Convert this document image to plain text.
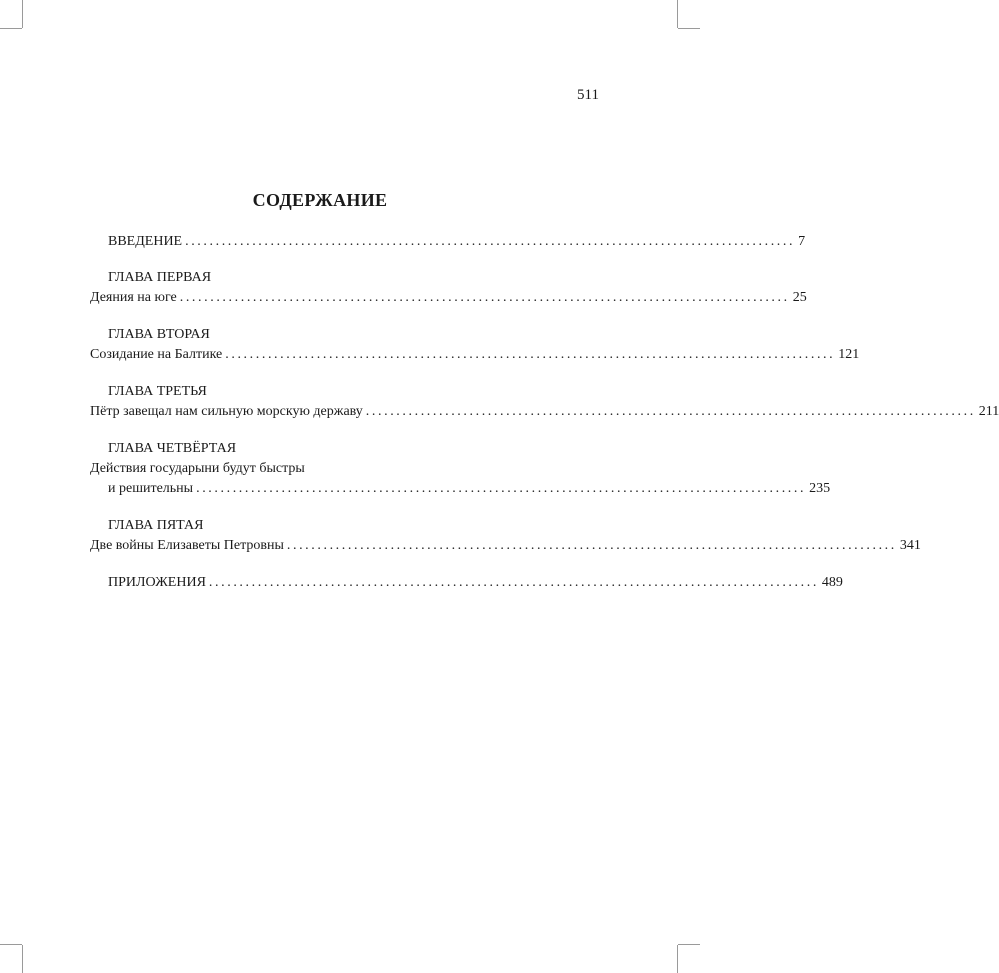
511
СОДЕРЖАНИЕ
ВВЕДЕНИЕ .................................................................................................... 7
ГЛАВА ПЕРВАЯ
Деяния на юге .................................................................................................... 25
ГЛАВА ВТОРАЯ
Созидание на Балтике .................................................................................................... 121
ГЛАВА ТРЕТЬЯ
Пётр завещал нам сильную морскую державу .................................................................................................... 211
ГЛАВА ЧЕТВЁРТАЯ
Действия государыни будут быстры
и решительны .................................................................................................... 235
ГЛАВА ПЯТАЯ
Две войны Елизаветы Петровны .................................................................................................... 341
ПРИЛОЖЕНИЯ .................................................................................................... 489
